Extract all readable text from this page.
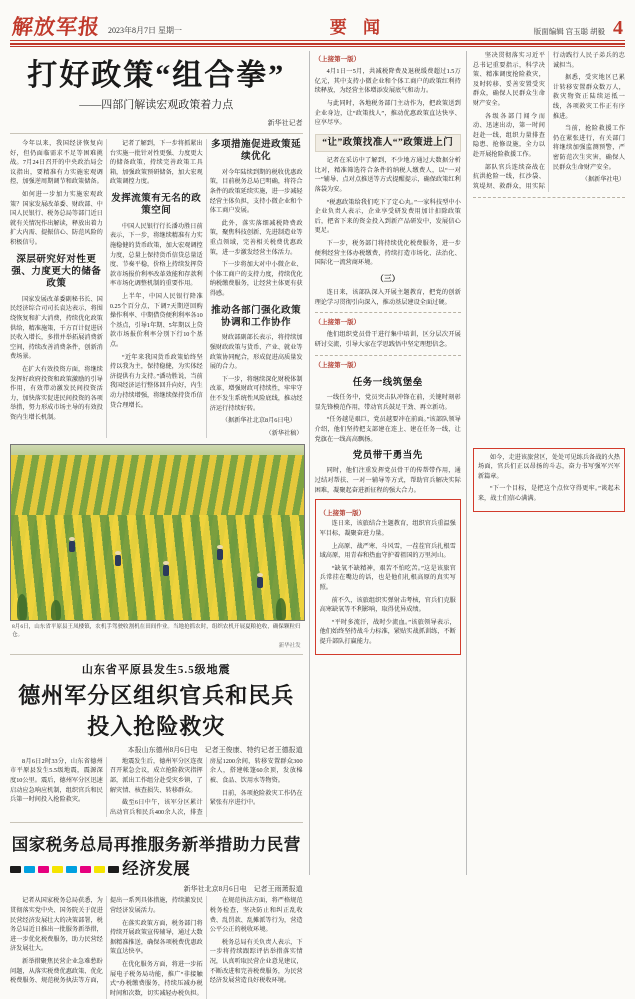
解放军报 2023年8月7日 星期一	要 闻	版面编辑 宫玉聪 胡毅 4
打好政策“组合拳”
——四部门解读宏观政策着力点
新华社记者

今年以来，我国经济恢复向好，但仍面临需求不足等困难挑战。7月24日召开的中央政治局会议指出，要精准有力实施宏观调控，加强逆周期调节和政策储备。

如何进一步加力实施宏观政策？国家发展改革委、财政部、中国人民银行、税务总局等部门近日就有关情况作出解读，释放出着力扩大内需、提振信心、防范风险的积极信号。

深层研究好对性更强、力度更大的储备政策

国家发展改革委副秘书长、国民经济综合司司长袁达表示，将围绕恢复和扩大消费，持续优化政策供给，精准施策，千方百计促进居民收入增长，多措并举拓展消费新空间，持续改善消费条件，创新消费场景。

在扩大有效投资方面，将继续发挥好政府投资和政策激励的引导作用，有效带动激发民间投资活力，加快落实促进民间投资的各项举措，努力形成市场主导的有效投资内生增长机制。

记者了解到，下一步将抓紧出台实施一批针对性更强、力度更大的储备政策，持续完善政策工具箱，加强政策预研储备，加大宏观政策调控力度。

发挥流策有无名的政策空间

中国人民银行行长潘功胜日前表示，下一步，将继续精准有力实施稳健的货币政策，加大宏观调控力度，总量上保持货币信贷总量适度、节奏平稳，价格上持续发挥贷款市场报价利率改革效能和存款利率市场化调整机制的重要作用。

上半年，中国人民银行降准0.25个百分点，下调7天期逆回购操作利率、中期借贷便利利率各10个基点，引导1年期、5年期以上贷款市场报价利率分别下行10个基点。

“近年来我国货币政策始终坚持以我为主，保持稳健，为实体经济提供有力支持。”潘功胜说，当前我国经济运行整体回升向好，内生动力持续增强，将继续保持货币信贷合理增长。

多项措施促进政策延续优化

对今年陆续到期的税收优惠政策，目前税务总局已明确，将符合条件的政策延续实施，进一步减轻经营主体负担，支持小微企业和个体工商户发展。

此外，落实落细减税降费政策，聚焦科技创新、先进制造业等重点领域，完善相关税费优惠政策，进一步激发经营主体活力。

下一步将加大对中小微企业、个体工商户的支持力度，持续优化纳税缴费服务，让经营主体更有获得感。

推动各部门强化政策协调和工作协作

财政部副部长表示，将持续加强财政政策与货币、产业、就业等政策协同配合，形成促进高质量发展的合力。

下一步，将继续深化财税体制改革，增强财政可持续性，牢牢守住不发生系统性风险底线，推动经济运行持续好转。

（据新华社北京8月6日电）

（新华社稿）

8月6日，山东省平原县王凤楼镇，农机手驾驶收割机在田间作业。当地抢抓农时，组织农机开展夏粮抢收，确保颗粒归仓。
新华社发
山东省平原县发生5.5级地震
德州军分区组织官兵和民兵投入抢险救灾
本报山东德州8月6日电　记者王俊康、特约记者王德报道

8月6日2时33分，山东省德州市平原县发生5.5级地震，震源深度10公里。震后，德州军分区迅速启动应急响应机制，组织官兵和民兵第一时间投入抢险救灾。

地震发生后，德州军分区连夜召开紧急会议，成立抢险救灾指挥部，派出工作组分赴受灾乡镇，了解灾情、核查损失、转移群众。

截至6日中午，该军分区累计出动官兵和民兵400余人次，排查房屋1200余间，转移安置群众300余人，搭建帐篷60余顶，发放棉被、食品、饮用水等物资。

目前，各项抢险救灾工作仍在紧张有序进行中。

国家税务总局再推服务新举措助力民营经济发展
新华社北京8月6日电　记者王雨萧报道

记者从国家税务总局获悉，为贯彻落实党中央、国务院关于促进民营经济发展壮大的决策部署，税务总局近日推出一批服务新举措，进一步优化税费服务，助力民营经济发展壮大。

新举措聚焦民营企业急难愁盼问题，从落实税费优惠政策、优化税费服务、规范税务执法等方面，提出一系列具体措施，持续激发民营经济发展活力。

在落实政策方面，税务部门将持续开展政策宣传辅导，通过大数据精准推送，确保各项税费优惠政策直达快享。

在优化服务方面，将进一步拓展电子税务局功能，推广“非接触式”办税缴费服务，持续压减办税时间和次数，切实减轻办税负担。

在规范执法方面，将严格规范税务检查，坚决防止和纠正乱收费、乱罚款、乱摊派等行为，营造公平公正的税收环境。

税务总局有关负责人表示，下一步将持续跟踪评估举措落实情况，认真听取民营企业意见建议，不断改进和完善税费服务，为民营经济发展营造良好税收环境。

（上接第一版）

4月1日一5月，共减税降费及退税缓费超过1.5万亿元，其中支持小微企业和个体工商户的政策红利持续释放，为经营主体增添发展底气和动力。

与此同时，各地税务部门主动作为，把政策送到企业身边，让“政策找人”，推动优惠政策直达快享、应享尽享。

“让”政策找准人“”政策进上门

记者在采访中了解到，不少地方通过大数据分析比对，精准筛选符合条件的纳税人缴费人，以“一对一”辅导、点对点推送等方式提醒提示，确保政策红利落袋为安。

“税惠政策给我们吃下了定心丸。”一家科技型中小企业负责人表示，企业享受研发费用加计扣除政策后，把省下来的资金投入到新产品研发中，发展信心更足。

下一步，税务部门将持续优化税费服务，进一步便利经营主体办税缴费，持续打造市场化、法治化、国际化一流营商环境。

（三）

连日来，该部队深入开展主题教育，把党的创新理论学习贯彻引向深入，推动基层建设全面过硬。

（上接第一版）

他们组织党员骨干进行集中培训，区分层次开展研讨交流，引导大家在学思践悟中坚定理想信念。

（上接第一版）
任务一线筑堡垒

一线任务中，党员突击队冲锋在前，关键时刻彰显先锋模范作用，带动官兵鼓足干劲、再立新功。

“任务越是艰巨，党员越要冲在前面。”该部队领导介绍，他们坚持把支部建在连上、建在任务一线，让党旗在一线高高飘扬。

党员带干勇当先

同时，他们注重发挥党员骨干的传帮带作用，通过结对帮扶、一对一辅导等方式，帮助官兵解决实际困难，凝聚起奋进新征程的强大合力。

（上接第一版）

连日来，该旅结合主题教育，组织官兵重温强军目标，凝聚奋进力量。

上高原、战严寒、斗风雪，一茬茬官兵扎根雪域高原，用青春和热血守护着祖国的万里河山。

“缺氧不缺精神，艰苦不怕吃苦。”这是该旅官兵常挂在嘴边的话，也是他们扎根高原的真实写照。

前不久，该旅组织实弹射击考核，官兵们克服高寒缺氧等不利影响，取得优异成绩。

“平时多流汗，战时少流血。”该旅领导表示，他们始终坚持战斗力标准，紧贴实战抓训练，不断提升部队打赢能力。

坚决贯彻落实习近平总书记重要指示，科学决策、精准调度抢险救灾，及时转移、妥善安置受灾群众，确保人民群众生命财产安全。

各级各部门闻令而动、迅速出动，第一时间赶赴一线，组织力量排查隐患、抢修设施，全力以赴开展抢险救援工作。

部队官兵连续奋战在抗洪抢险一线，扛沙袋、筑堤坝、救群众，用实际行动践行人民子弟兵的忠诚担当。

据悉，受灾地区已累计转移安置群众数万人，救灾物资正陆续运抵一线，各项救灾工作正有序推进。

当前，抢险救援工作仍在紧张进行，有关部门将继续加强监测预警，严密防范次生灾害，确保人民群众生命财产安全。

（据新华社电）

如今，走进该旅营区，处处可见练兵备战的火热场面，官兵们正以昂扬的斗志，奋力书写强军兴军新篇章。

“下一个目标，是把这个点位守得更牢。”谈起未来，战士们信心满满。
